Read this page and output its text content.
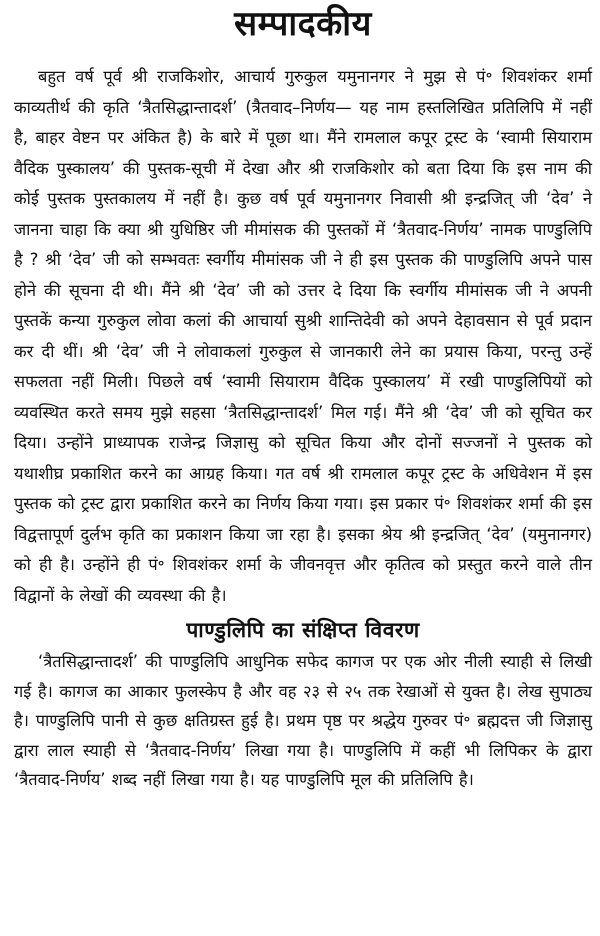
सम्पादकीय

बहुत वर्ष पूर्व श्री राजकिशोर, आचार्य गुरुकुल यमुनानगर ने मुझ से पं॰ शिवशंकर शर्मा काव्यतीर्थ की कृति ‘त्रैतसिद्धान्तादर्श’ (त्रैतवाद–निर्णय— यह नाम हस्तलिखित प्रतिलिपि में नहीं है, बाहर वेष्टन पर अंकित है) के बारे में पूछा था। मैंने रामलाल कपूर ट्रस्ट के ‘स्वामी सियाराम वैदिक पुस्कालय’ की पुस्तक-सूची में देखा और श्री राजकिशोर को बता दिया कि इस नाम की कोई पुस्तक पुस्तकालय में नहीं है। कुछ वर्ष पूर्व यमुनानगर निवासी श्री इन्द्रजित् जी ‘देव’ ने जानना चाहा कि क्या श्री युधिष्ठिर जी मीमांसक की पुस्तकों में ‘त्रैतवाद-निर्णय’ नामक पाण्डुलिपि है ? श्री ‘देव’ जी को सम्भवतः स्वर्गीय मीमांसक जी ने ही इस पुस्तक की पाण्डुलिपि अपने पास होने की सूचना दी थी। मैंने श्री ‘देव’ जी को उत्तर दे दिया कि स्वर्गीय मीमांसक जी ने अपनी पुस्तकें कन्या गुरुकुल लोवा कलां की आचार्या सुश्री शान्तिदेवी को अपने देहावसान से पूर्व प्रदान कर दी थीं। श्री ‘देव’ जी ने लोवाकलां गुरुकुल से जानकारी लेने का प्रयास किया, परन्तु उन्हें सफलता नहीं मिली। पिछले वर्ष ‘स्वामी सियाराम वैदिक पुस्कालय’ में रखी पाण्डुलिपियों को व्यवस्थित करते समय मुझे सहसा ‘त्रैतसिद्धान्तादर्श’ मिल गई। मैंने श्री ‘देव’ जी को सूचित कर दिया। उन्होंने प्राध्यापक राजेन्द्र जिज्ञासु को सूचित किया और दोनों सज्जनों ने पुस्तक को यथाशीघ्र प्रकाशित करने का आग्रह किया। गत वर्ष श्री रामलाल कपूर ट्रस्ट के अधिवेशन में इस पुस्तक को ट्रस्ट द्वारा प्रकाशित करने का निर्णय किया गया। इस प्रकार पं॰ शिवशंकर शर्मा की इस विद्वत्तापूर्ण दुर्लभ कृति का प्रकाशन किया जा रहा है। इसका श्रेय श्री इन्द्रजित् ‘देव’ (यमुनानगर) को ही है। उन्होंने ही पं॰ शिवशंकर शर्मा के जीवनवृत्त और कृतित्व को प्रस्तुत करने वाले तीन विद्वानों के लेखों की व्यवस्था की है।

पाण्डुलिपि का संक्षिप्त विवरण

‘त्रैतसिद्धान्तादर्श’ की पाण्डुलिपि आधुनिक सफेद कागज पर एक ओर नीली स्याही से लिखी गई है। कागज का आकार फुलस्केप है और वह २३ से २५ तक रेखाओं से युक्त है। लेख सुपाठ्य है। पाण्डुलिपि पानी से कुछ क्षतिग्रस्त हुई है। प्रथम पृष्ठ पर श्रद्धेय गुरुवर पं॰ ब्रह्मदत्त जी जिज्ञासु द्वारा लाल स्याही से ‘त्रैतवाद-निर्णय’ लिखा गया है। पाण्डुलिपि में कहीं भी लिपिकर के द्वारा ‘त्रैतवाद-निर्णय’ शब्द नहीं लिखा गया है। यह पाण्डुलिपि मूल की प्रतिलिपि है।
